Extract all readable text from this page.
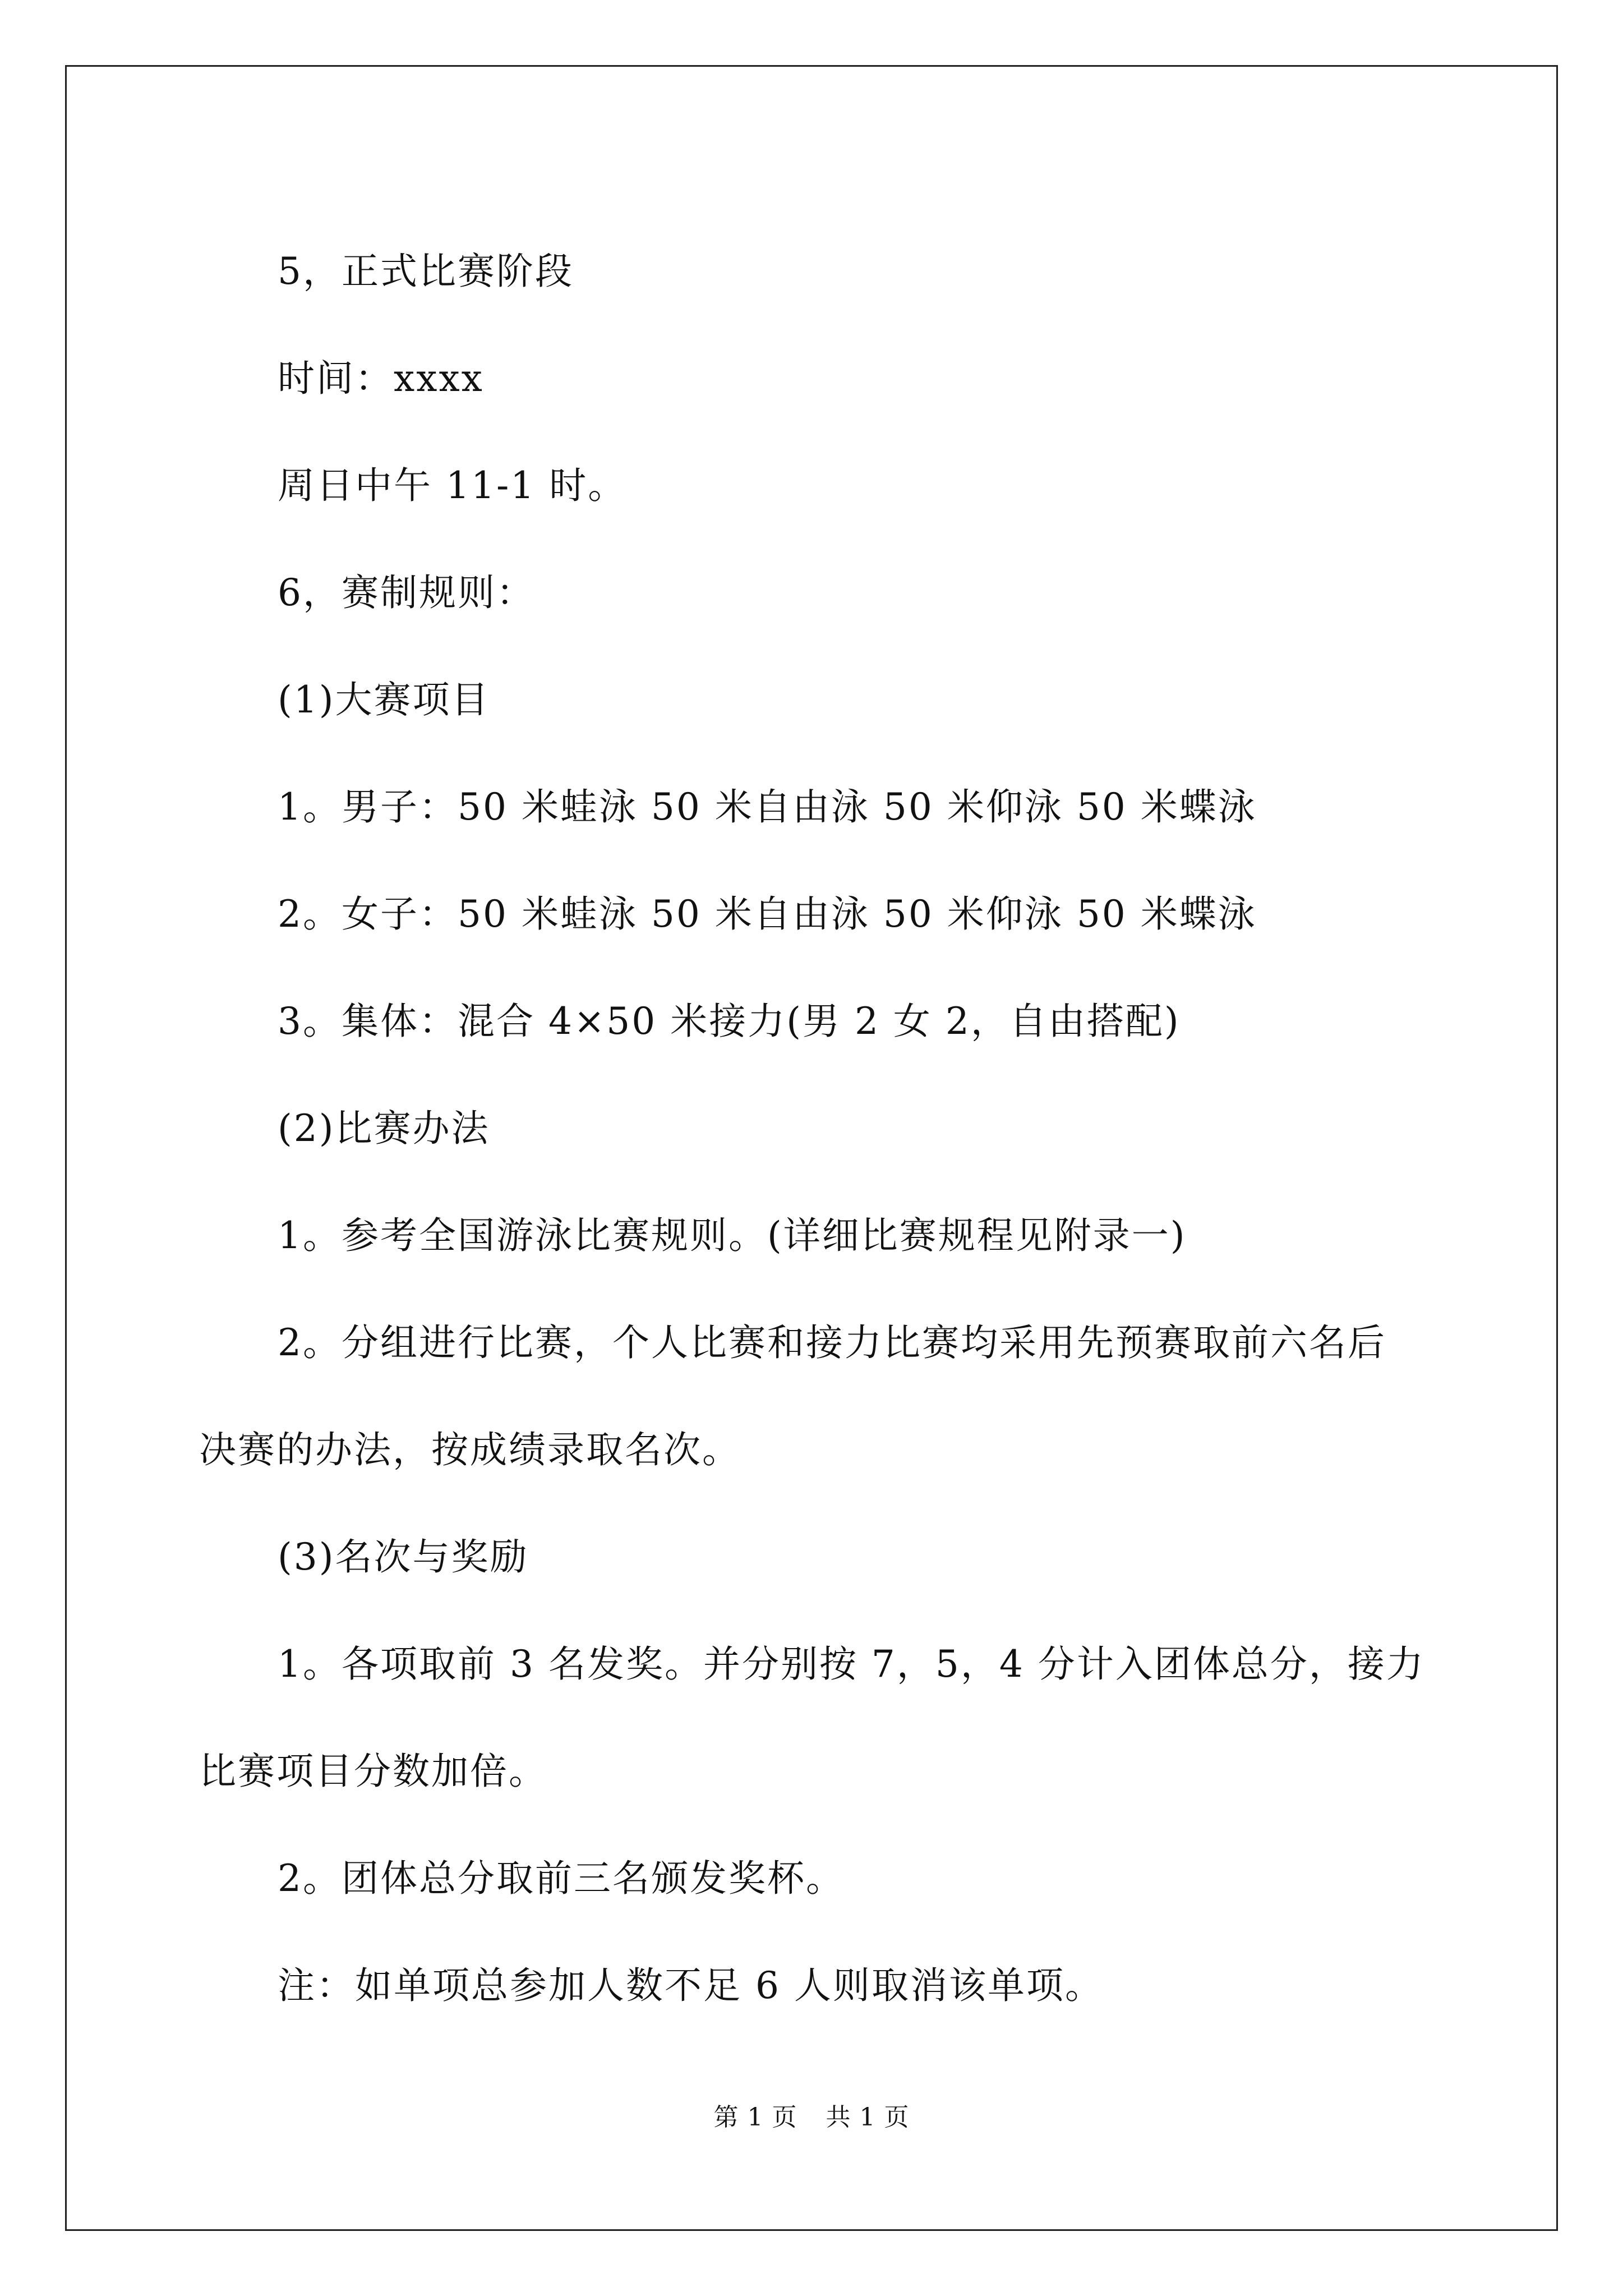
5，正式比赛阶段

时间：xxxx

周日中午 11-1 时。

6，赛制规则：

(1)大赛项目

1。男子：50 米蛙泳 50 米自由泳 50 米仰泳 50 米蝶泳

2。女子：50 米蛙泳 50 米自由泳 50 米仰泳 50 米蝶泳

3。集体：混合 4×50 米接力(男 2 女 2，自由搭配)

(2)比赛办法

1。参考全国游泳比赛规则。(详细比赛规程见附录一)

2。分组进行比赛，个人比赛和接力比赛均采用先预赛取前六名后

决赛的办法，按成绩录取名次。

(3)名次与奖励

1。各项取前 3 名发奖。并分别按 7，5，4 分计入团体总分，接力

比赛项目分数加倍。

2。团体总分取前三名颁发奖杯。

注：如单项总参加人数不足 6 人则取消该单项。

第 1 页 共 1 页
